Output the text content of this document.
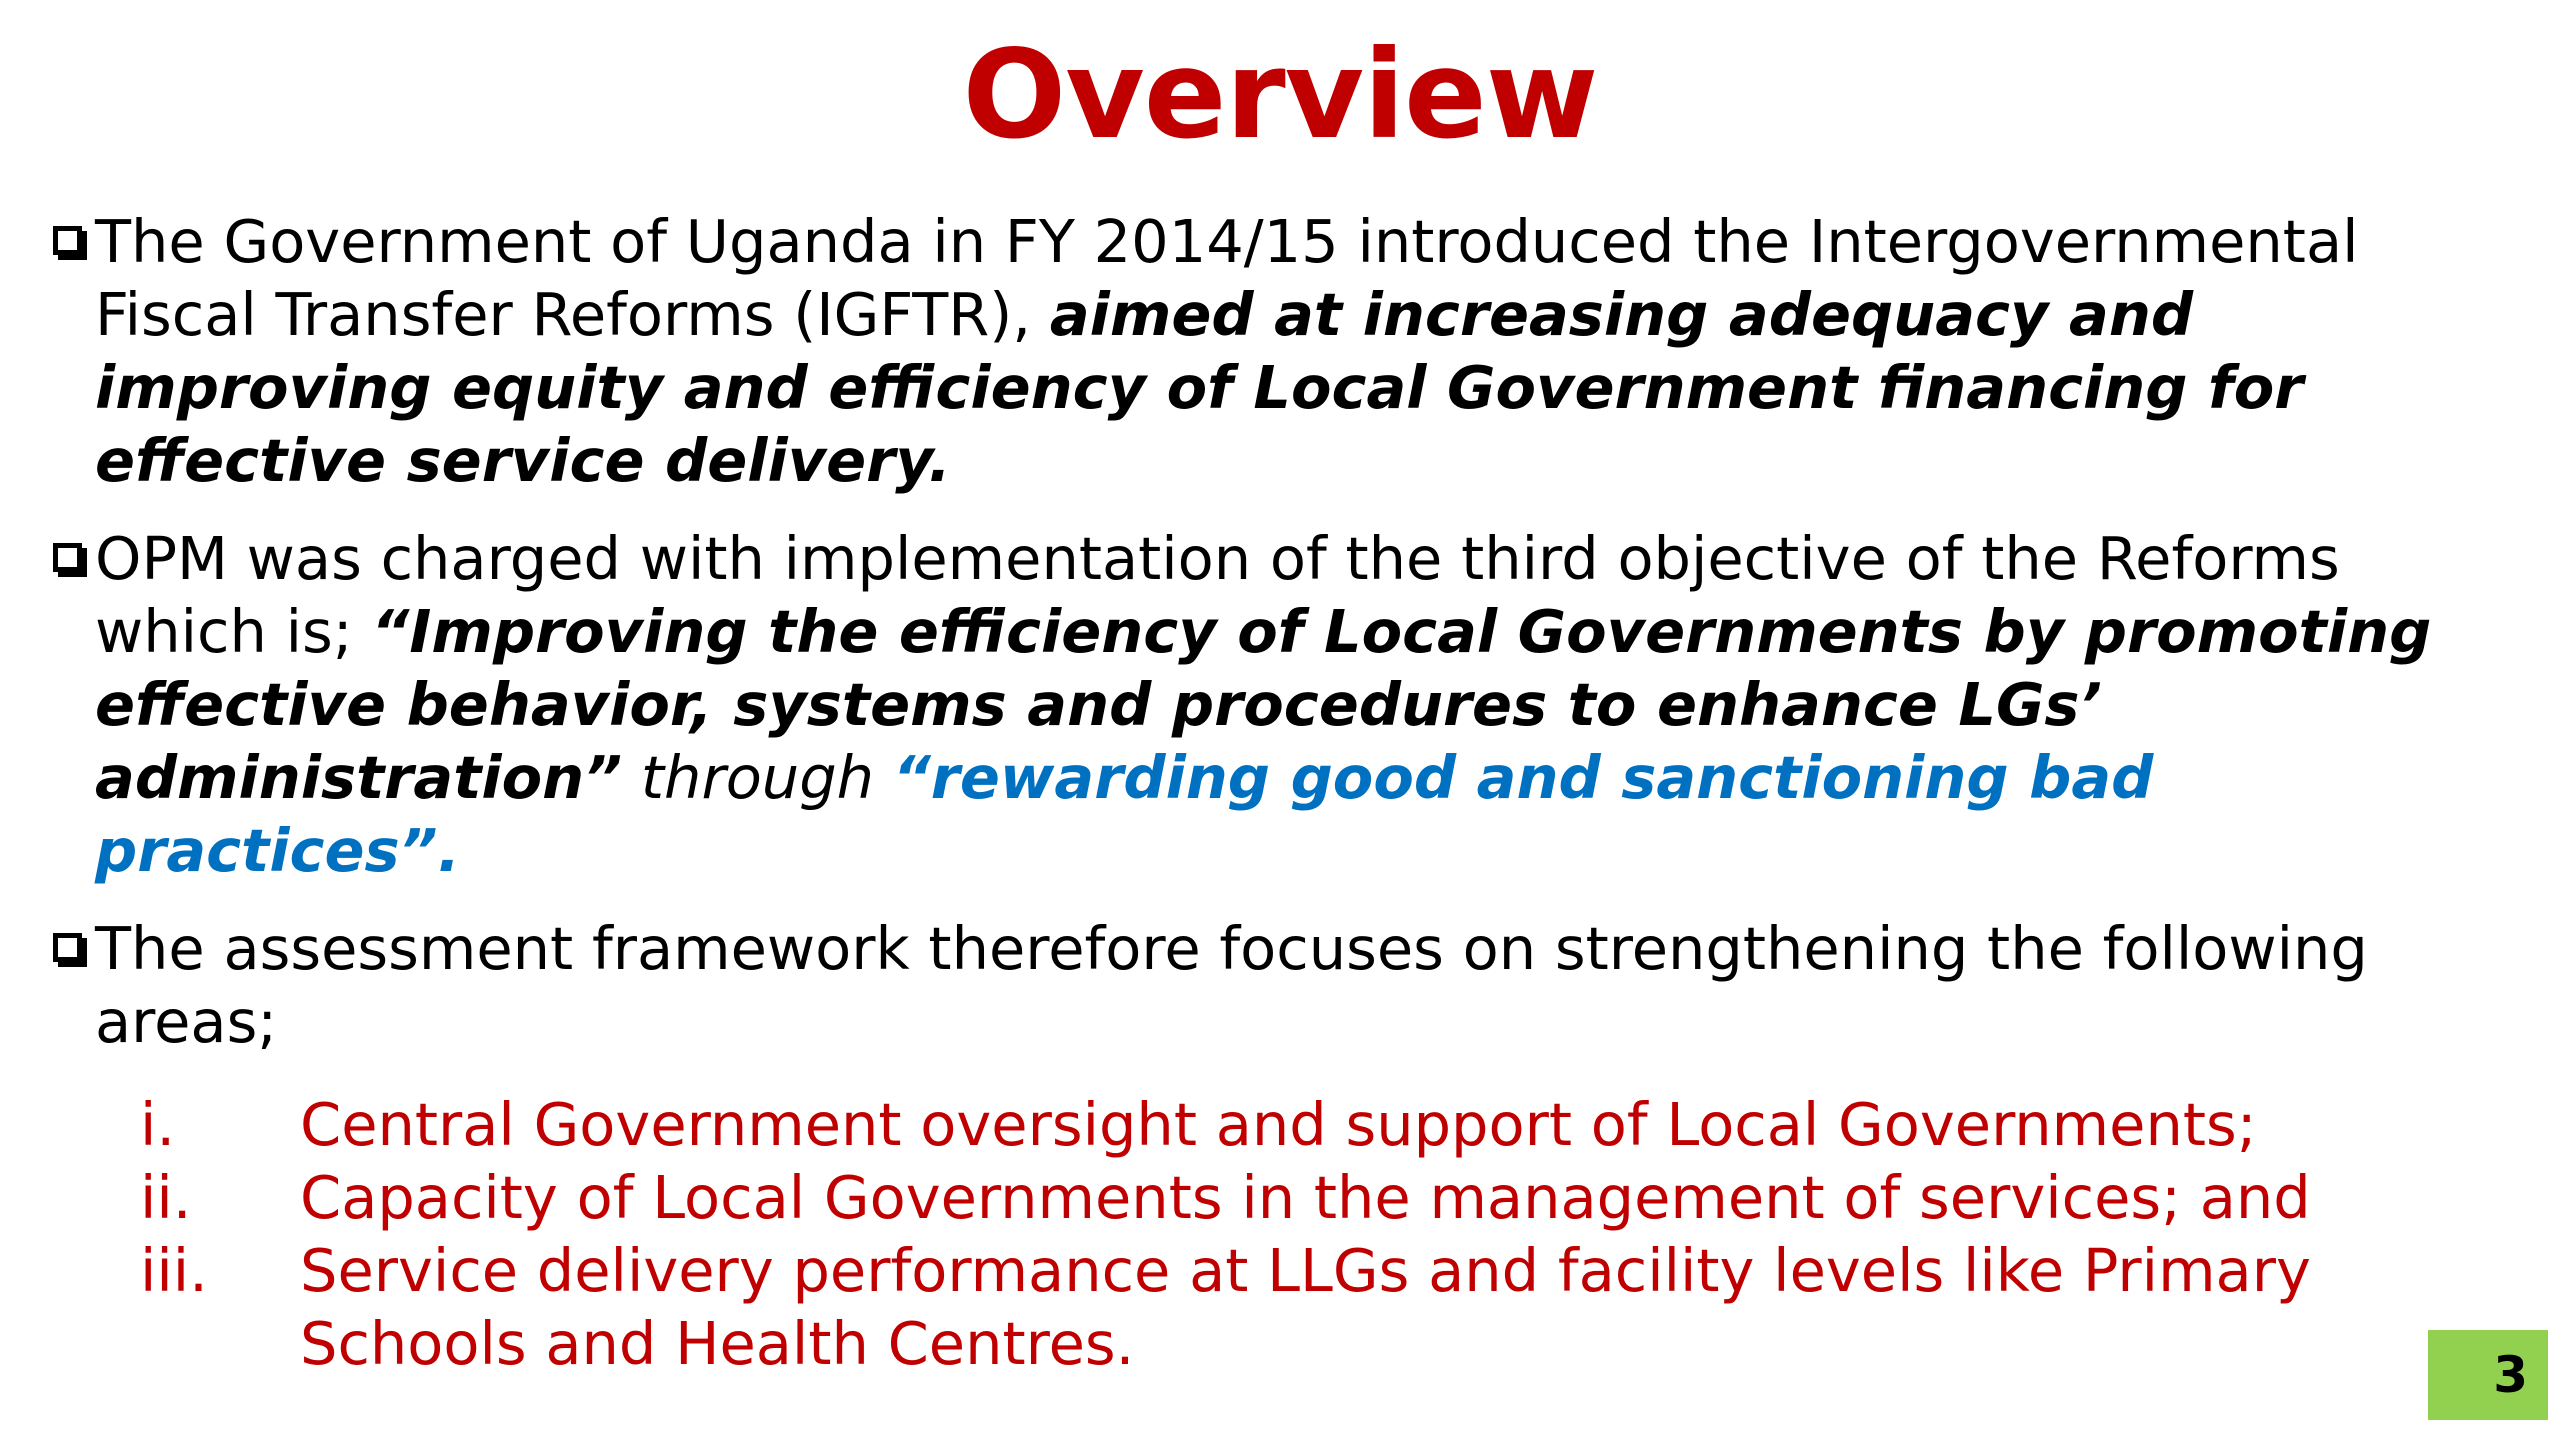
Overview
The Government of Uganda in FY 2014/15 introduced the Intergovernmental Fiscal Transfer Reforms (IGFTR), aimed at increasing adequacy and improving equity and efficiency of Local Government financing for effective service delivery.
OPM was charged with implementation of the third objective of the Reforms which is; “Improving the efficiency of Local Governments by promoting effective behavior, systems and procedures to enhance LGs’ administration” through “rewarding good and sanctioning bad practices”.
The assessment framework therefore focuses on strengthening the following areas;
i.	Central Government oversight and support of Local Governments;
ii.	Capacity of Local Governments in the management of services; and
iii.	Service delivery performance at LLGs and facility levels like Primary Schools and Health Centres.	3
